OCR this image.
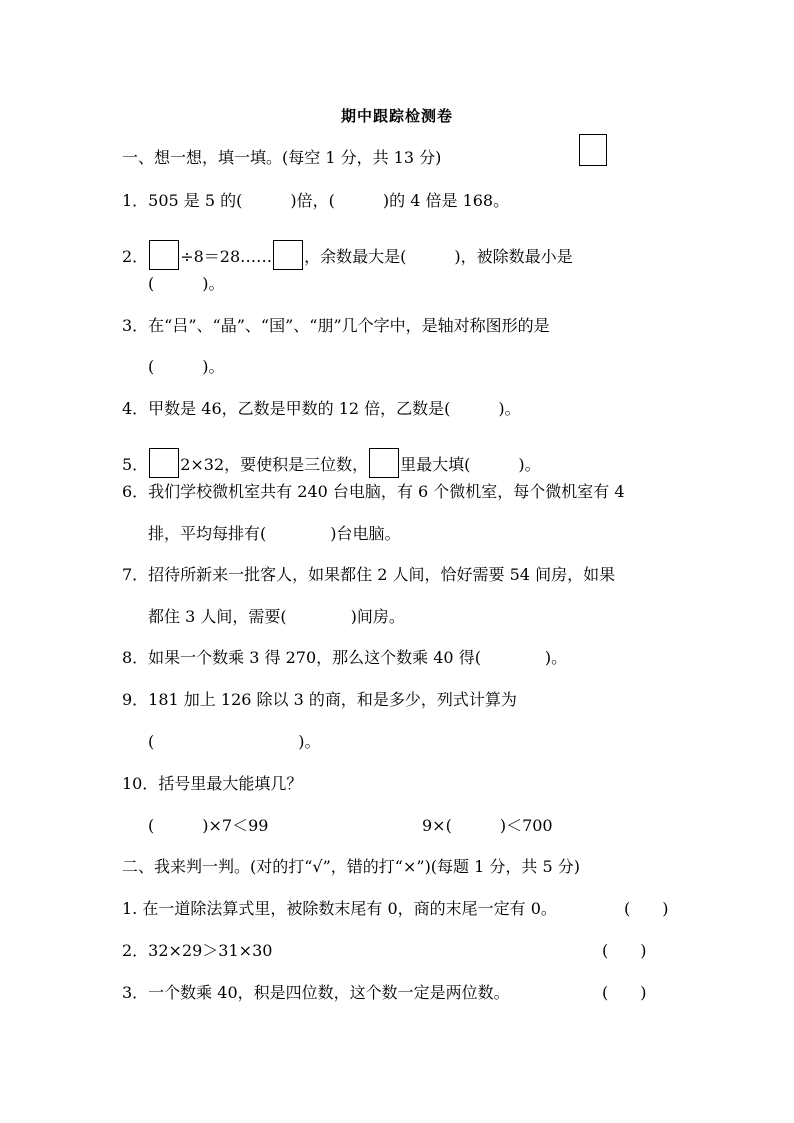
期中跟踪检测卷
一、想一想，填一填。(每空 1 分，共 13 分)
1．505 是 5 的(　　　)倍，(　　　)的 4 倍是 168。
2． ÷8＝28…… ，余数最大是(　　　)，被除数最小是
(　　　)。
3．在“吕”、“晶”、“国”、“朋”几个字中，是轴对称图形的是
(　　　)。
4．甲数是 46，乙数是甲数的 12 倍，乙数是(　　　)。
5． 2×32，要使积是三位数， 里最大填(　　　)。
6．我们学校微机室共有 240 台电脑，有 6 个微机室，每个微机室有 4
排，平均每排有(　　　　)台电脑。
7．招待所新来一批客人，如果都住 2 人间，恰好需要 54 间房，如果
都住 3 人间，需要(　　　　)间房。
8．如果一个数乘 3 得 270，那么这个数乘 40 得(　　　　)。
9．181 加上 126 除以 3 的商，和是多少，列式计算为
(　　　　　　　　　)。
10．括号里最大能填几？
(　　　)×7＜99	9×(　　　)＜700
二、我来判一判。(对的打“√”，错的打“×”)(每题 1 分，共 5 分)
1. 在一道除法算式里，被除数末尾有 0，商的末尾一定有 0。	(　　)
2．32×29＞31×30	(　　)
3．一个数乘 40，积是四位数，这个数一定是两位数。	(　　)
